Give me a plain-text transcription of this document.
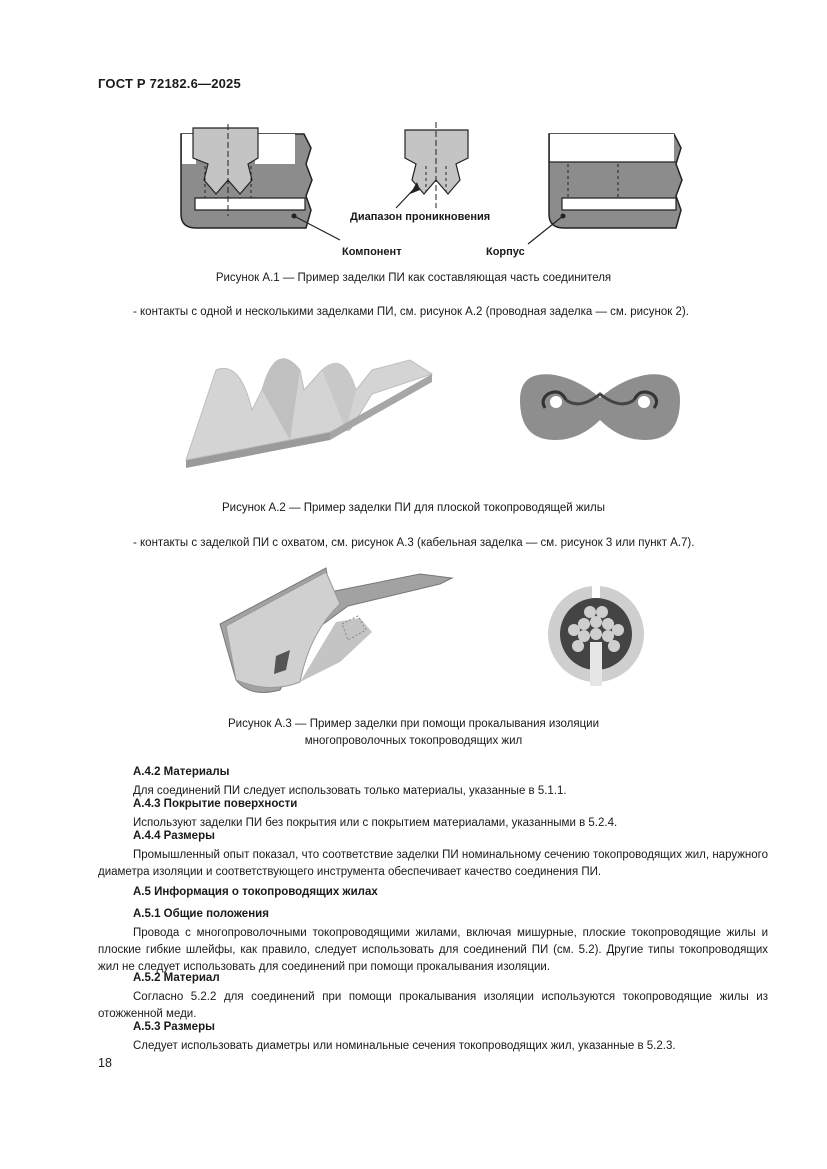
ГОСТ Р 72182.6—2025
Диапазон проникновения
Компонент	Корпус
Рисунок А.1 — Пример заделки ПИ как составляющая часть соединителя
- контакты с одной и несколькими заделками ПИ, см. рисунок А.2 (проводная заделка — см. рисунок 2).
Рисунок А.2 — Пример заделки ПИ для плоской токопроводящей жилы
- контакты с заделкой ПИ с охватом, см. рисунок А.3 (кабельная заделка — см. рисунок 3 или пункт А.7).
Рисунок А.3 — Пример заделки при помощи прокалывания изоляции
многопроволочных токопроводящих жил
А.4.2 Материалы
Для соединений ПИ следует использовать только материалы, указанные в 5.1.1.
А.4.3 Покрытие поверхности
Используют заделки ПИ без покрытия или с покрытием материалами, указанными в 5.2.4.
А.4.4 Размеры
Промышленный опыт показал, что соответствие заделки ПИ номинальному сечению токопроводящих жил, наружного диаметра изоляции и соответствующего инструмента обеспечивает качество соединения ПИ.
А.5 Информация о токопроводящих жилах
А.5.1 Общие положения
Провода с многопроволочными токопроводящими жилами, включая мишурные, плоские токопроводящие жилы и плоские гибкие шлейфы, как правило, следует использовать для соединений ПИ (см. 5.2). Другие типы токопроводящих жил не следует использовать для соединений при помощи прокалывания изоляции.
А.5.2 Материал
Согласно 5.2.2 для соединений при помощи прокалывания изоляции используются токопроводящие жилы из отожженной меди.
А.5.3 Размеры
Следует использовать диаметры или номинальные сечения токопроводящих жил, указанные в 5.2.3.
18
